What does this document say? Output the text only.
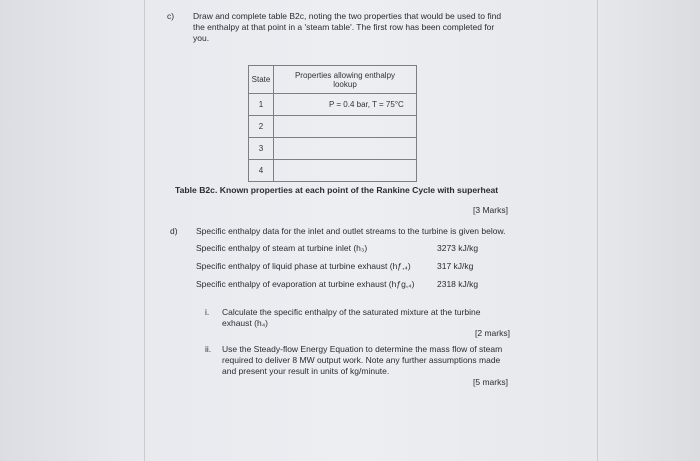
c) Draw and complete table B2c, noting the two properties that would be used to find
the enthalpy at that point in a 'steam table'. The first row has been completed for
you.
State	Properties allowing enthalpy
lookup

1	P = 0.4 bar, T = 75°C
2	
3	
4	
Table B2c. Known properties at each point of the Rankine Cycle with superheat
[3 Marks]
d) Specific enthalpy data for the inlet and outlet streams to the turbine is given below.
Specific enthalpy of steam at turbine inlet (h₃)	3273 kJ/kg
Specific enthalpy of liquid phase at turbine exhaust (hƒ,₄)	317 kJ/kg
Specific enthalpy of evaporation at turbine exhaust (hƒg,₄)	2318 kJ/kg
i. Calculate the specific enthalpy of the saturated mixture at the turbine
exhaust (h₄)
[2 marks]
ii. Use the Steady-flow Energy Equation to determine the mass flow of steam
required to deliver 8 MW output work. Note any further assumptions made
and present your result in units of kg/minute.
[5 marks]
